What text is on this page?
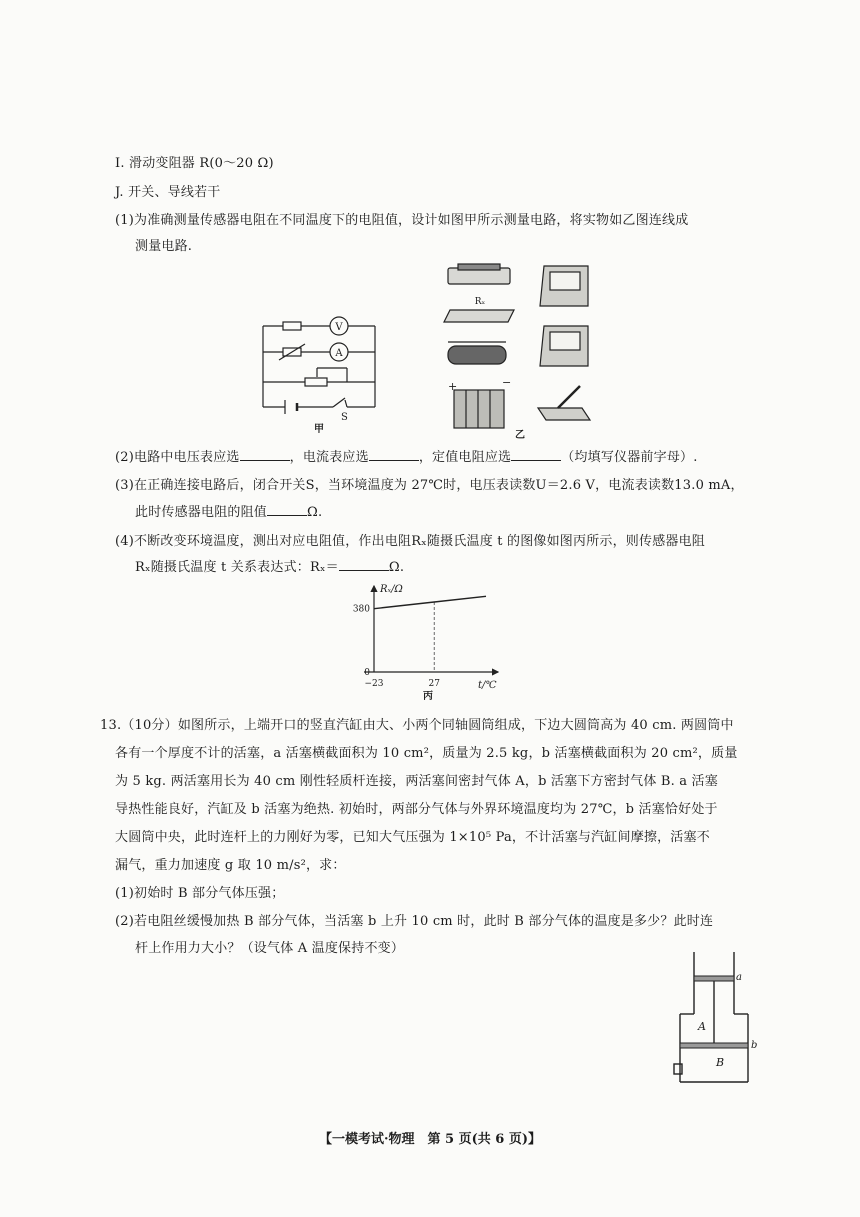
I. 滑动变阻器 R(0～20 Ω)
J. 开关、导线若干
(1)为准确测量传感器电阻在不同温度下的电阻值，设计如图甲所示测量电路，将实物如乙图连线成
测量电路.
V
A
S
甲
Rₓ
+	−
乙
(2)电路中电压表应选	，电流表应选	，定值电阻应选	（均填写仪器前字母）.
(3)在正确连接电路后，闭合开关S，当环境温度为 27℃时，电压表读数U＝2.6 V，电流表读数13.0 mA，
此时传感器电阻的阻值	Ω.
(4)不断改变环境温度，测出对应电阻值，作出电阻Rₓ随摄氏温度 t 的图像如图丙所示，则传感器电阻
Rₓ随摄氏温度 t 关系表达式：Rₓ＝	Ω.
Rₓ/Ω
t/℃
0
−23	27
380
丙
13.（10分）如图所示，上端开口的竖直汽缸由大、小两个同轴圆筒组成，下边大圆筒高为 40 cm. 两圆筒中
各有一个厚度不计的活塞，a 活塞横截面积为 10 cm²，质量为 2.5 kg，b 活塞横截面积为 20 cm²，质量
为 5 kg. 两活塞用长为 40 cm 刚性轻质杆连接，两活塞间密封气体 A，b 活塞下方密封气体 B. a 活塞
导热性能良好，汽缸及 b 活塞为绝热. 初始时，两部分气体与外界环境温度均为 27℃，b 活塞恰好处于
大圆筒中央，此时连杆上的力刚好为零，已知大气压强为 1×10⁵ Pa，不计活塞与汽缸间摩擦，活塞不
漏气，重力加速度 g 取 10 m/s²，求：
(1)初始时 B 部分气体压强；
(2)若电阻丝缓慢加热 B 部分气体，当活塞 b 上升 10 cm 时，此时 B 部分气体的温度是多少？此时连
杆上作用力大小？（设气体 A 温度保持不变）
a
b
A
B
【一模考试·物理　第 5 页(共 6 页)】
